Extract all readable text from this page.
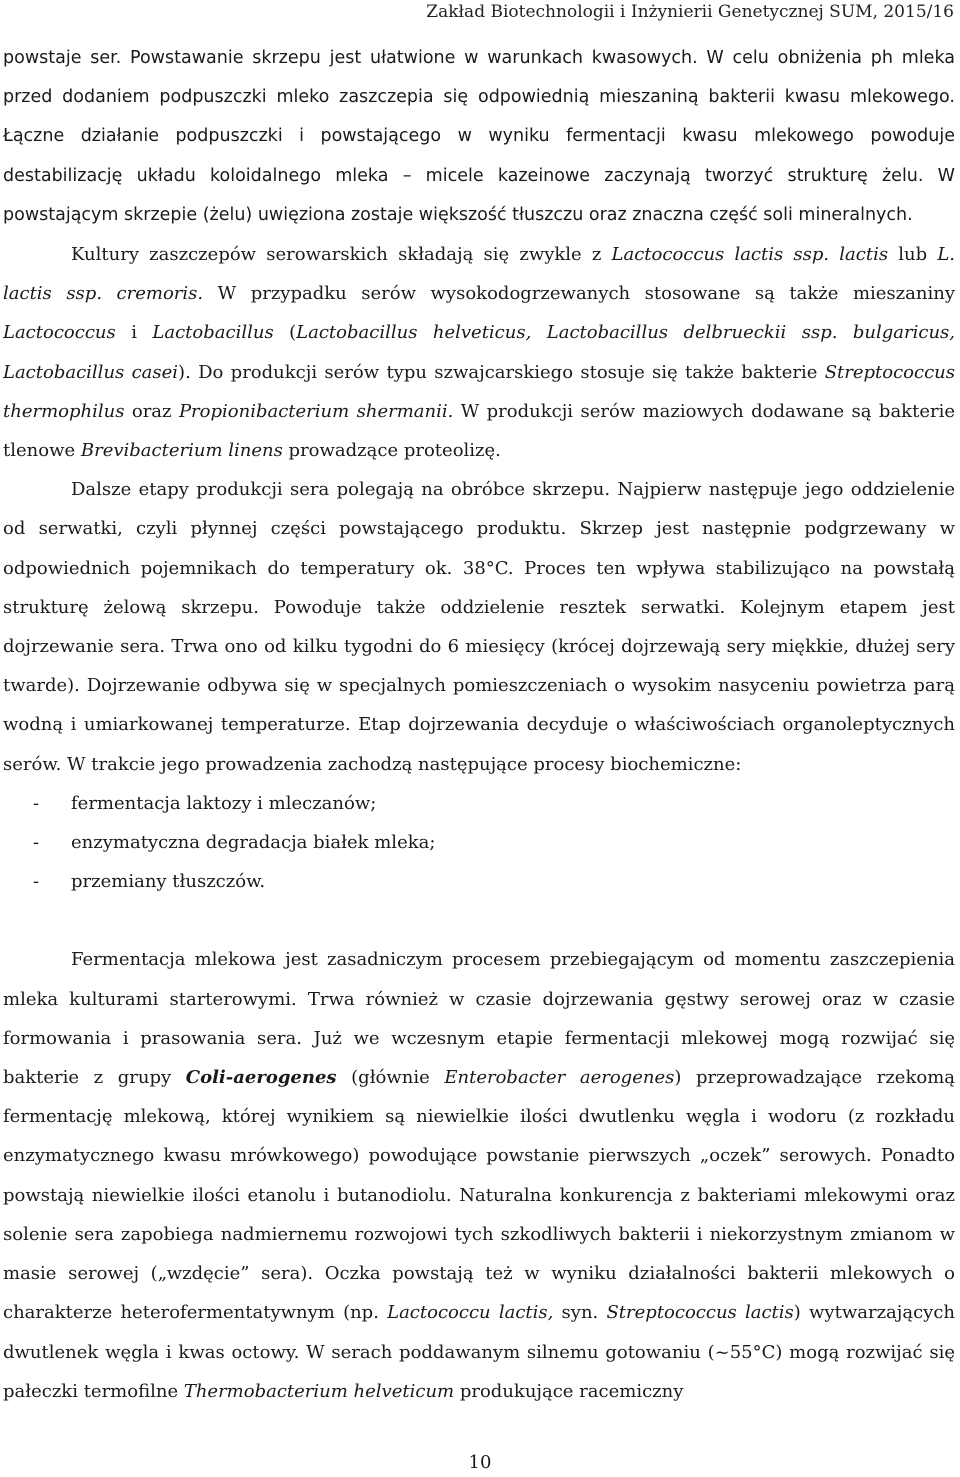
Zakład Biotechnologii i Inżynierii Genetycznej SUM, 2015/16

powstaje ser. Powstawanie skrzepu jest ułatwione w warunkach kwasowych. W celu obniżenia ph mleka przed dodaniem podpuszczki mleko zaszczepia się odpowiednią mieszaniną bakterii kwasu mlekowego. Łączne działanie podpuszczki i powstającego w wyniku fermentacji kwasu mlekowego powoduje destabilizację układu koloidalnego mleka – micele kazeinowe zaczynają tworzyć strukturę żelu. W powstającym skrzepie (żelu) uwięziona zostaje większość tłuszczu oraz znaczna część soli mineralnych.

Kultury zaszczepów serowarskich składają się zwykle z Lactococcus lactis ssp. lactis lub L. lactis ssp. cremoris. W przypadku serów wysokodogrzewanych stosowane są także mieszaniny Lactococcus i Lactobacillus (Lactobacillus helveticus, Lactobacillus delbrueckii ssp. bulgaricus, Lactobacillus casei). Do produkcji serów typu szwajcarskiego stosuje się także bakterie Streptococcus thermophilus oraz Propionibacterium shermanii. W produkcji serów maziowych dodawane są bakterie tlenowe Brevibacterium linens prowadzące proteolizę.

Dalsze etapy produkcji sera polegają na obróbce skrzepu. Najpierw następuje jego oddzielenie od serwatki, czyli płynnej części powstającego produktu. Skrzep jest następnie podgrzewany w odpowiednich pojemnikach do temperatury ok. 38°C. Proces ten wpływa stabilizująco na powstałą strukturę żelową skrzepu. Powoduje także oddzielenie resztek serwatki. Kolejnym etapem jest dojrzewanie sera. Trwa ono od kilku tygodni do 6 miesięcy (krócej dojrzewają sery miękkie, dłużej sery twarde). Dojrzewanie odbywa się w specjalnych pomieszczeniach o wysokim nasyceniu powietrza parą wodną i umiarkowanej temperaturze. Etap dojrzewania decyduje o właściwościach organoleptycznych serów. W trakcie jego prowadzenia zachodzą następujące procesy biochemiczne:

-	fermentacja laktozy i mleczanów;
-	enzymatyczna degradacja białek mleka;
-	przemiany tłuszczów.

Fermentacja mlekowa jest zasadniczym procesem przebiegającym od momentu zaszczepienia mleka kulturami starterowymi. Trwa również w czasie dojrzewania gęstwy serowej oraz w czasie formowania i prasowania sera. Już we wczesnym etapie fermentacji mlekowej mogą rozwijać się bakterie z grupy Coli-aerogenes (głównie Enterobacter aerogenes) przeprowadzające rzekomą fermentację mlekową, której wynikiem są niewielkie ilości dwutlenku węgla i wodoru (z rozkładu enzymatycznego kwasu mrówkowego) powodujące powstanie pierwszych „oczek” serowych. Ponadto powstają niewielkie ilości etanolu i butanodiolu. Naturalna konkurencja z bakteriami mlekowymi oraz solenie sera zapobiega nadmiernemu rozwojowi tych szkodliwych bakterii i niekorzystnym zmianom w masie serowej („wzdęcie” sera). Oczka powstają też w wyniku działalności bakterii mlekowych o charakterze heterofermentatywnym (np. Lactococcu lactis, syn. Streptococcus lactis) wytwarzających dwutlenek węgla i kwas octowy. W serach poddawanym silnemu gotowaniu (~55°C) mogą rozwijać się pałeczki termofilne Thermobacterium helveticum produkujące racemiczny

10
